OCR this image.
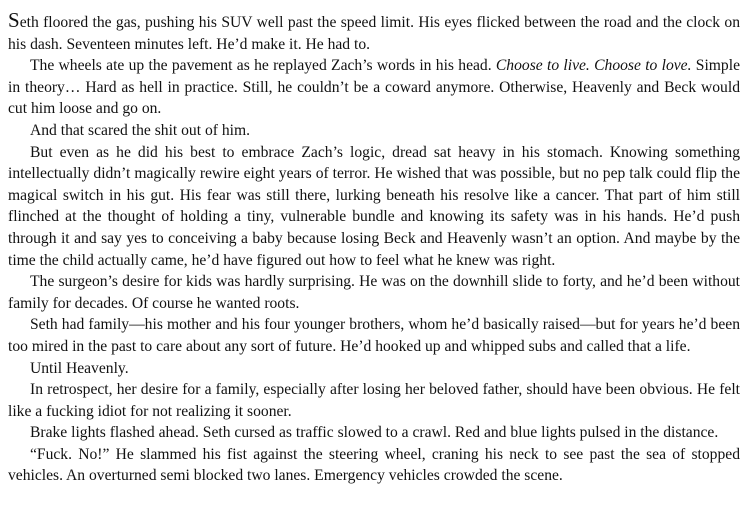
Seth floored the gas, pushing his SUV well past the speed limit. His eyes flicked between the road and the clock on his dash. Seventeen minutes left. He’d make it. He had to.

The wheels ate up the pavement as he replayed Zach’s words in his head. Choose to live. Choose to love. Simple in theory… Hard as hell in practice. Still, he couldn’t be a coward anymore. Otherwise, Heavenly and Beck would cut him loose and go on.

And that scared the shit out of him.

But even as he did his best to embrace Zach’s logic, dread sat heavy in his stomach. Knowing something intellectually didn’t magically rewire eight years of terror. He wished that was possible, but no pep talk could flip the magical switch in his gut. His fear was still there, lurking beneath his resolve like a cancer. That part of him still flinched at the thought of holding a tiny, vulnerable bundle and knowing its safety was in his hands. He’d push through it and say yes to conceiving a baby because losing Beck and Heavenly wasn’t an option. And maybe by the time the child actually came, he’d have figured out how to feel what he knew was right.

The surgeon’s desire for kids was hardly surprising. He was on the downhill slide to forty, and he’d been without family for decades. Of course he wanted roots.

Seth had family—his mother and his four younger brothers, whom he’d basically raised—but for years he’d been too mired in the past to care about any sort of future. He’d hooked up and whipped subs and called that a life.

Until Heavenly.

In retrospect, her desire for a family, especially after losing her beloved father, should have been obvious. He felt like a fucking idiot for not realizing it sooner.

Brake lights flashed ahead. Seth cursed as traffic slowed to a crawl. Red and blue lights pulsed in the distance.

“Fuck. No!” He slammed his fist against the steering wheel, craning his neck to see past the sea of stopped vehicles. An overturned semi blocked two lanes. Emergency vehicles crowded the scene.
